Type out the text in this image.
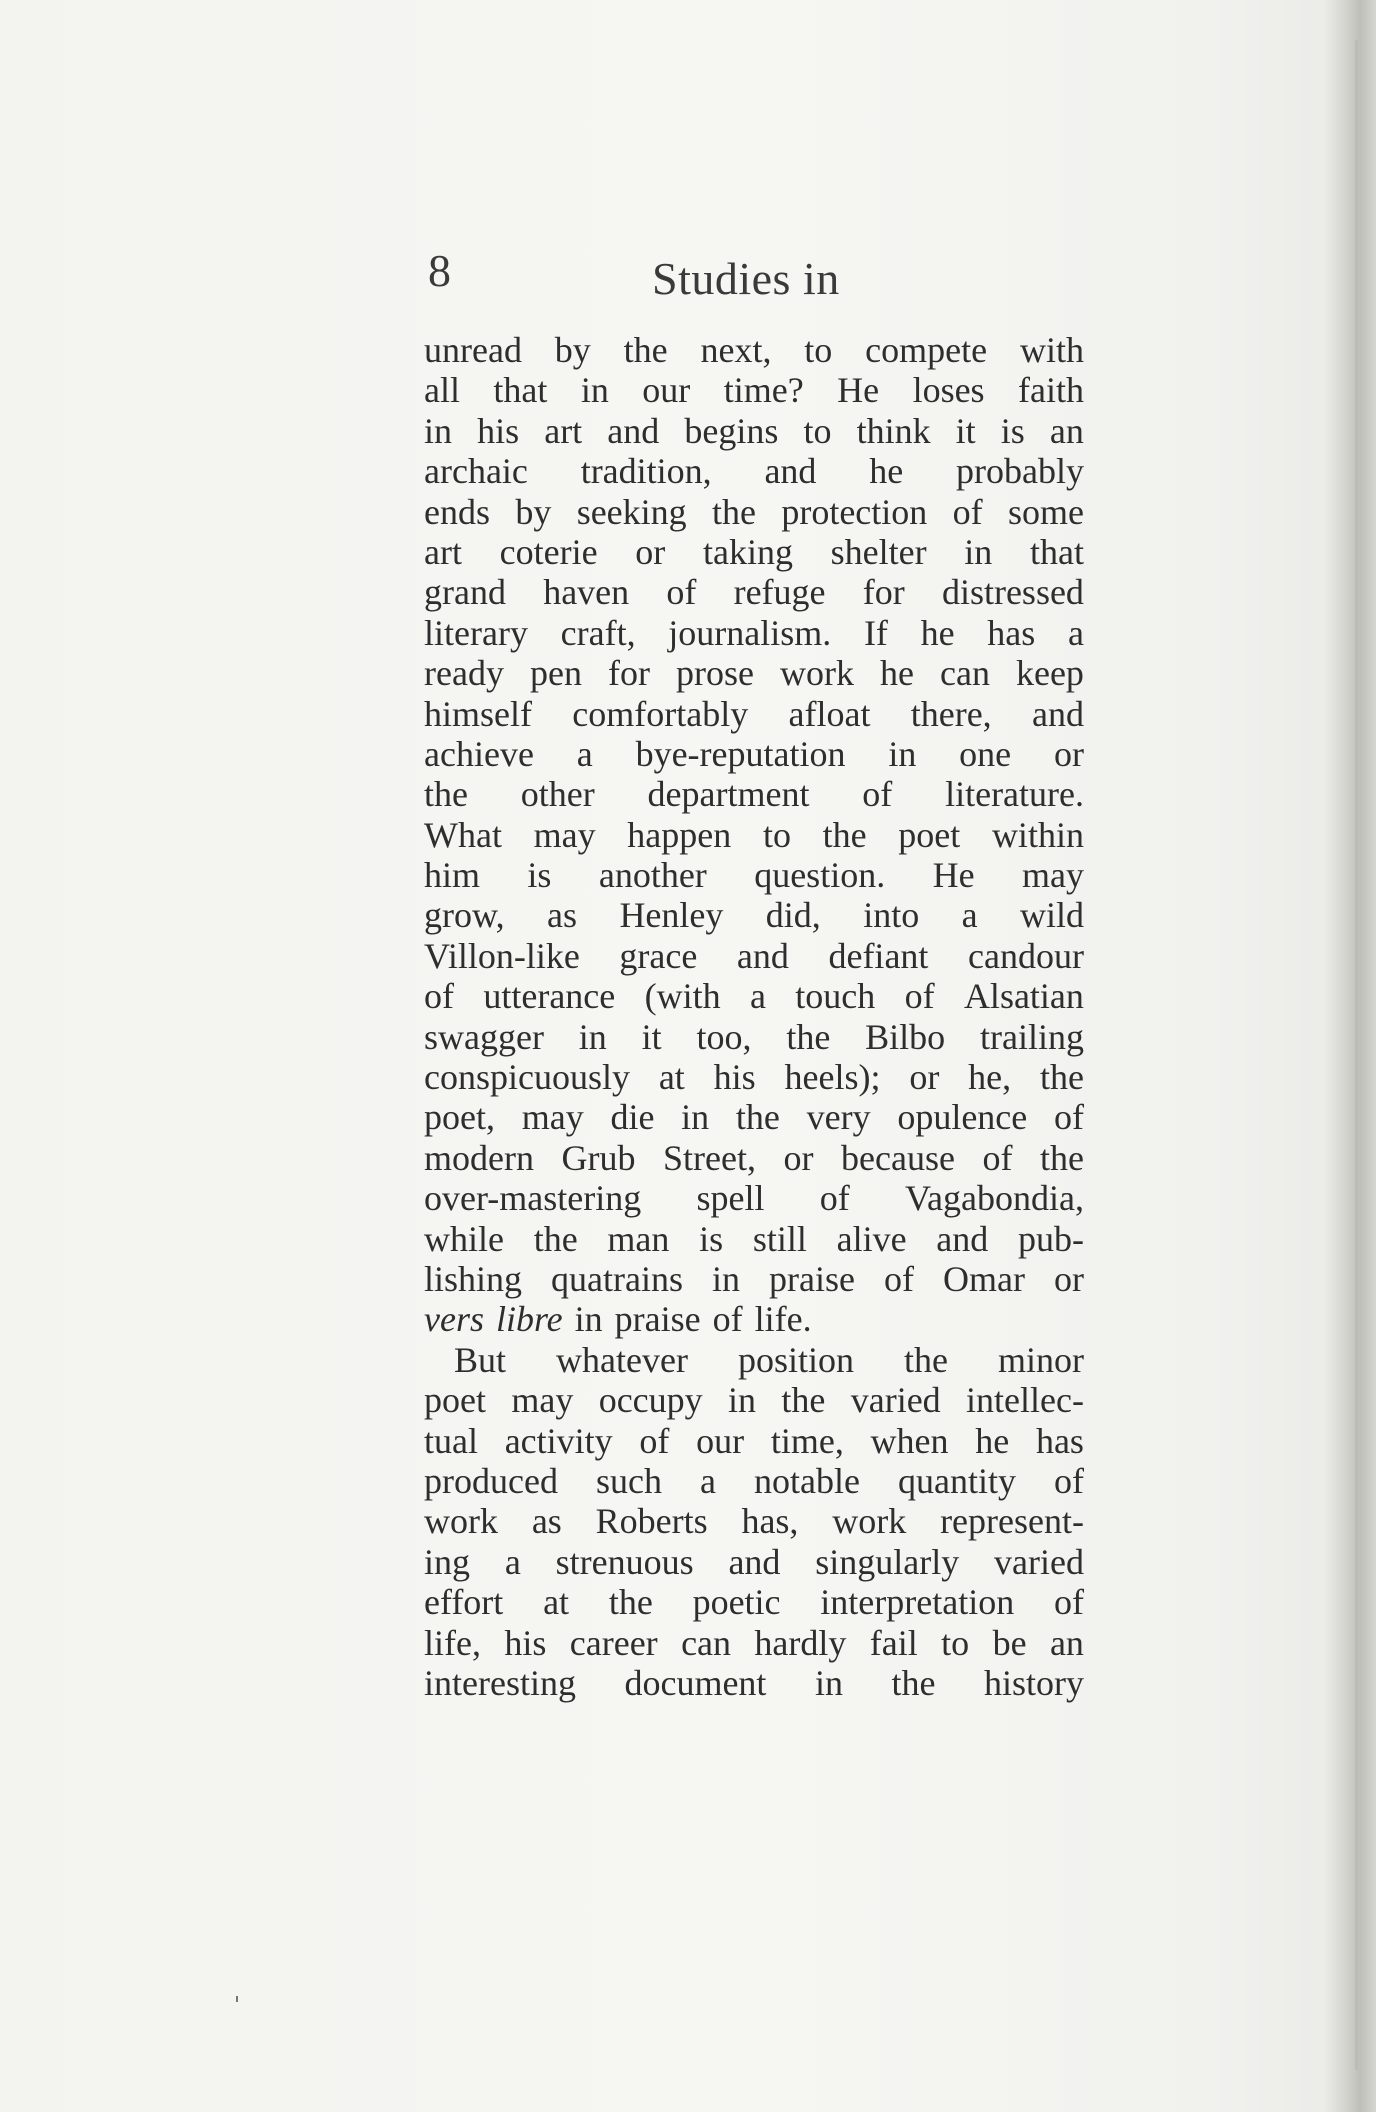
8	Studies in
unread by the next, to compete with
all that in our time? He loses faith
in his art and begins to think it is an
archaic tradition, and he probably
ends by seeking the protection of some
art coterie or taking shelter in that
grand haven of refuge for distressed
literary craft, journalism. If he has a
ready pen for prose work he can keep
himself comfortably afloat there, and
achieve a bye-reputation in one or
the other department of literature.
What may happen to the poet within
him is another question. He may
grow, as Henley did, into a wild
Villon-like grace and defiant candour
of utterance (with a touch of Alsatian
swagger in it too, the Bilbo trailing
conspicuously at his heels); or he, the
poet, may die in the very opulence of
modern Grub Street, or because of the
over-mastering spell of Vagabondia,
while the man is still alive and pub-
lishing quatrains in praise of Omar or
vers libre in praise of life.
But whatever position the minor
poet may occupy in the varied intellec-
tual activity of our time, when he has
produced such a notable quantity of
work as Roberts has, work represent-
ing a strenuous and singularly varied
effort at the poetic interpretation of
life, his career can hardly fail to be an
interesting document in the history
